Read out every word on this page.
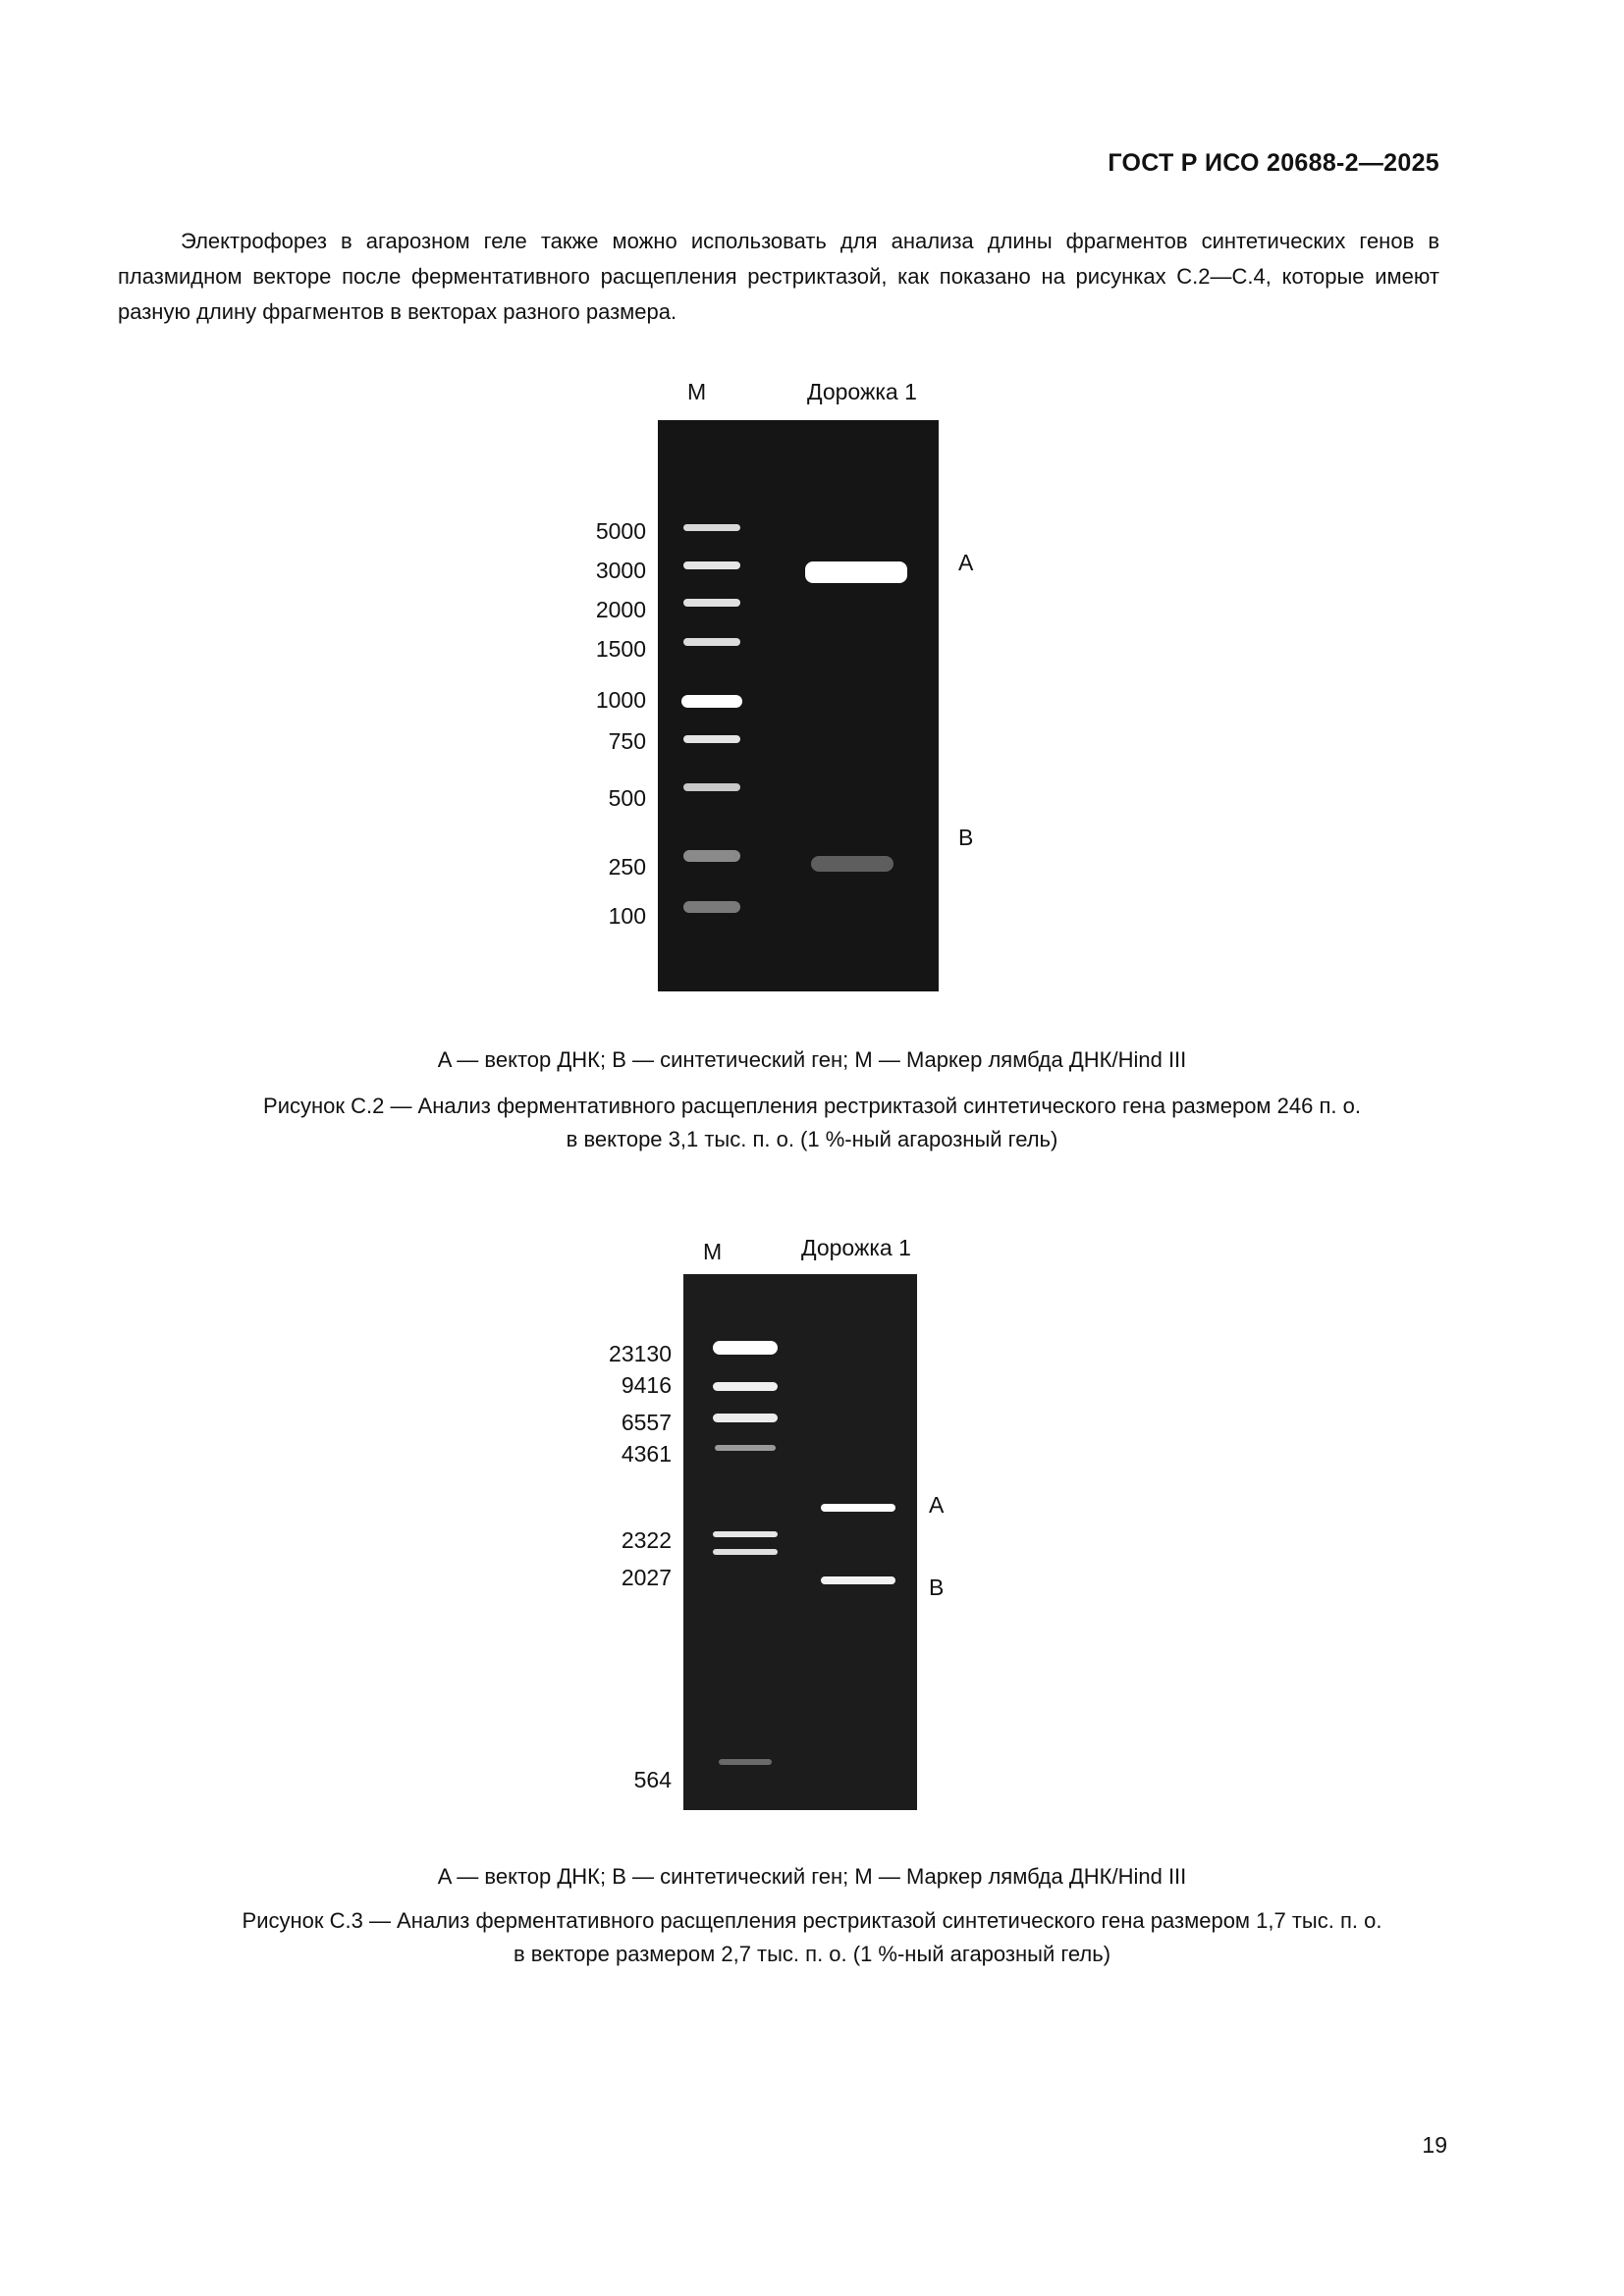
ГОСТ Р ИСО 20688-2—2025

Электрофорез в агарозном геле также можно использовать для анализа длины фрагментов синтетических генов в плазмидном векторе после ферментативного расщепления рестриктазой, как показано на рисунках C.2—C.4, которые имеют разную длину фрагментов в векторах разного размера.

M	Дорожка 1
5000
3000
2000
1500
1000
750
500
250
100
A
B
A — вектор ДНК; B — синтетический ген; M — Маркер лямбда ДНК/Hind III
Рисунок C.2 — Анализ ферментативного расщепления рестриктазой синтетического гена размером 246 п. о.
в векторе 3,1 тыс. п. о. (1 %-ный агарозный гель)
M	Дорожка 1
23130
9416
6557
4361
2322
2027
564
A
B
A — вектор ДНК; B — синтетический ген; M — Маркер лямбда ДНК/Hind III
Рисунок C.3 — Анализ ферментативного расщепления рестриктазой синтетического гена размером 1,7 тыс. п. о.
в векторе размером 2,7 тыс. п. о. (1 %-ный агарозный гель)
19
